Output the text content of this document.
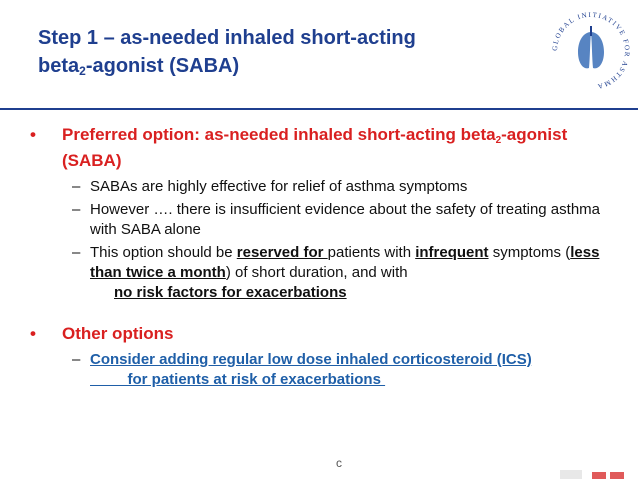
Step 1 – as-needed inhaled short-acting
beta$_2$-agonist (SABA)
GLOBAL INITIATIVE FOR ASTHMA
• Preferred option: as-needed inhaled short-acting beta$_2$-agonist (SABA)
– SABAs are highly effective for relief of asthma symptoms
– However …. there is insufficient evidence about the safety of treating asthma with SABA alone
– This option should be reserved for patients with infrequent symptoms (less than twice a month) of short duration, and with
no risk factors for exacerbations
• Other options
– Consider adding regular low dose inhaled corticosteroid (ICS)
for patients at risk of exacerbations
c
